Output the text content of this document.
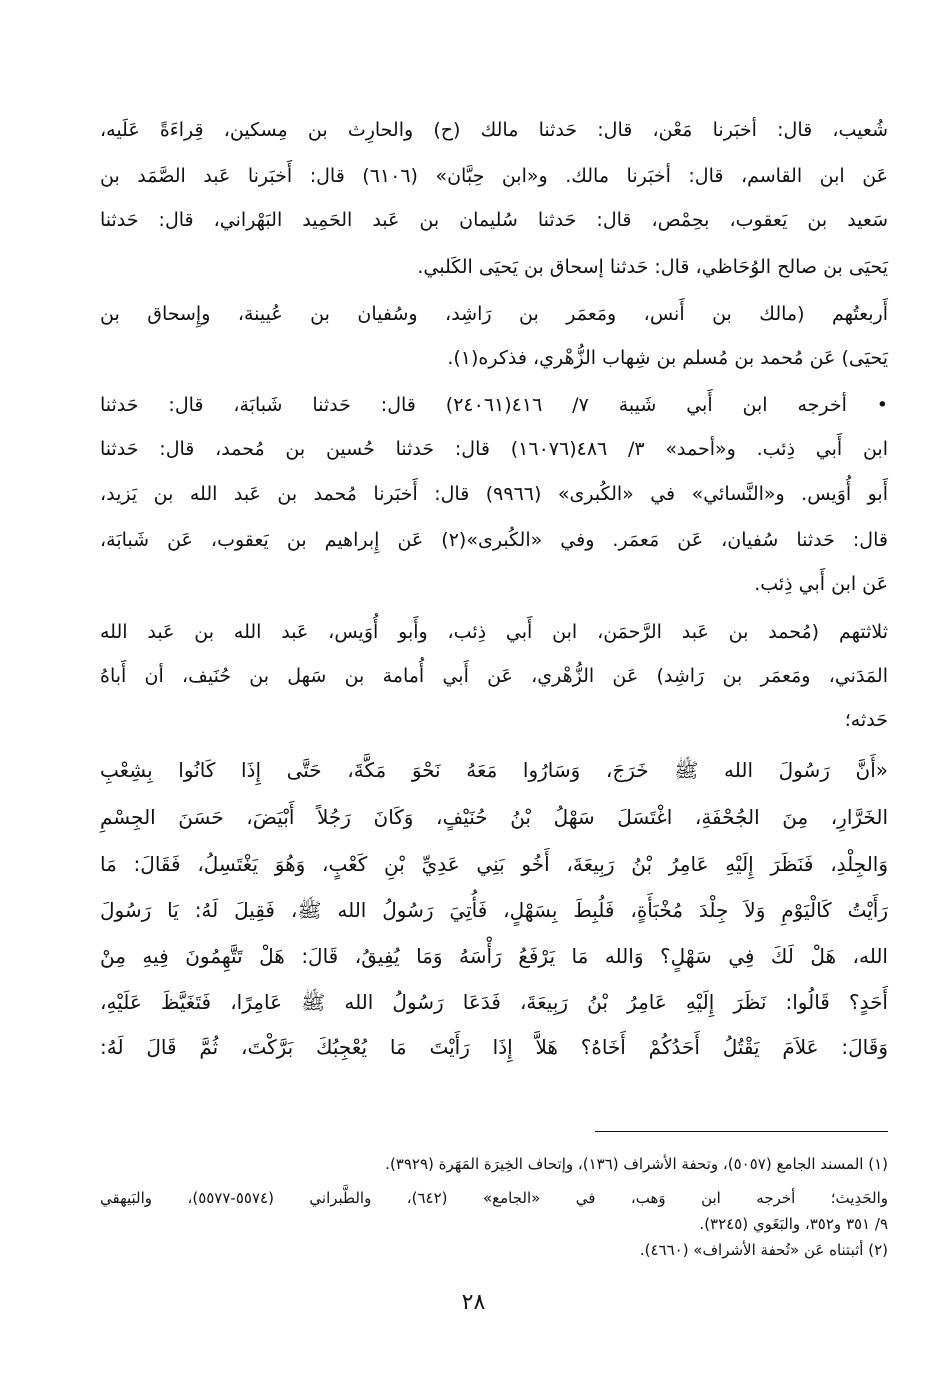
شُعيب، قال: أخبَرنا مَعْن، قال: حَدثنا مالك (ح) والحارِث بن مِسكين، قِراءَةً عَلَيه،
عَن ابن القاسم، قال: أخبَرنا مالك. و«ابن حِبَّان» (٦١٠٦) قال: أَخبَرنا عَبد الصَّمَد بن
سَعيد بن يَعقوب، بحِمْص، قال: حَدثنا سُليمان بن عَبد الحَمِيد البَهْراني، قال: حَدثنا
يَحيَى بن صالح الوُحَاظي، قال: حَدثنا إسحاق بن يَحيَى الكَلبي.
أَربعتُهم (مالك بن أَنس، ومَعمَر بن رَاشِد، وسُفيان بن عُيينة، وإِسحاق بن
يَحيَى) عَن مُحمد بن مُسلم بن شِهاب الزُّهْري، فذكره(١).
• أخرجه ابن أَبي شَيبة ٧/ ٤١٦(٢٤٠٦١) قال: حَدثنا شَبابَة، قال: حَدثنا
ابن أَبي ذِئب. و«أحمد» ٣/ ٤٨٦(١٦٠٧٦) قال: حَدثنا حُسين بن مُحمد، قال: حَدثنا
أَبو أُوَيس. و«النَّسائي» في «الكُبرى» (٩٩٦٦) قال: أَخبَرنا مُحمد بن عَبد الله بن يَزيد،
قال: حَدثنا سُفيان، عَن مَعمَر. وفي «الكُبرى»(٢) عَن إِبراهيم بن يَعقوب، عَن شَبابَة،
عَن ابن أَبي ذِئب.
ثلاثتهم (مُحمد بن عَبد الرَّحمَن، ابن أَبي ذِئب، وأَبو أُوَيس، عَبد الله بن عَبد الله
المَدَني، ومَعمَر بن رَاشِد) عَن الزُّهْري، عَن أَبي أُمامة بن سَهل بن حُنَيف، أن أَباهُ
حَدثه؛
«أَنَّ رَسُولَ الله ﷺ خَرَجَ، وَسَارُوا مَعَهُ نَحْوَ مَكَّةَ، حَتَّى إِذَا كَانُوا بِشِعْبِ
الخَرَّارِ، مِنَ الجُحْفَةِ، اغْتَسَلَ سَهْلُ بْنُ حُنَيْفٍ، وَكَانَ رَجُلاً أَبْيَضَ، حَسَنَ الجِسْمِ
وَالجِلْدِ، فَنَظَرَ إِلَيْهِ عَامِرُ بْنُ رَبِيعَةَ، أَخُو بَنِي عَدِيِّ بْنِ كَعْبٍ، وَهُوَ يَغْتَسِلُ، فَقَالَ: مَا
رَأَيْتُ كَالْيَوْمِ وَلاَ جِلْدَ مُخْبَأَةٍ، فَلُبِطَ بِسَهْلٍ، فَأُتِيَ رَسُولُ الله ﷺ، فَقِيلَ لَهُ: يَا رَسُولَ
الله، هَلْ لَكَ فِي سَهْلٍ؟ وَالله مَا يَرْفَعُ رَأْسَهُ وَمَا يُفِيقُ، قَالَ: هَلْ تَتَّهِمُونَ فِيهِ مِنْ
أَحَدٍ؟ قَالُوا: نَظَرَ إِلَيْهِ عَامِرُ بْنُ رَبِيعَةَ، فَدَعَا رَسُولُ الله ﷺ عَامِرًا، فَتَغَيَّظَ عَلَيْهِ،
وَقَالَ: عَلاَمَ يَقْتُلُ أَحَدُكُمْ أَخَاهُ؟ هَلاَّ إِذَا رَأَيْتَ مَا يُعْجِبُكَ بَرَّكْتَ، ثُمَّ قَالَ لَهُ:
(١) المسند الجامع (٥٠٥٧)، وتحفة الأشراف (١٣٦)، وإتحاف الخِيرَة المَهَرة (٣٩٢٩).
والحَدِيث؛ أخرجه ابن وَهب، في «الجامع» (٦٤٢)، والطَّبراني (٥٥٧٤-٥٥٧٧)، والبَيهقي
٩/ ٣٥١ و٣٥٢، والبَغَوي (٣٢٤٥).
(٢) أثبتناه عَن «تُحفة الأشراف» (٤٦٦٠).
٢٨
